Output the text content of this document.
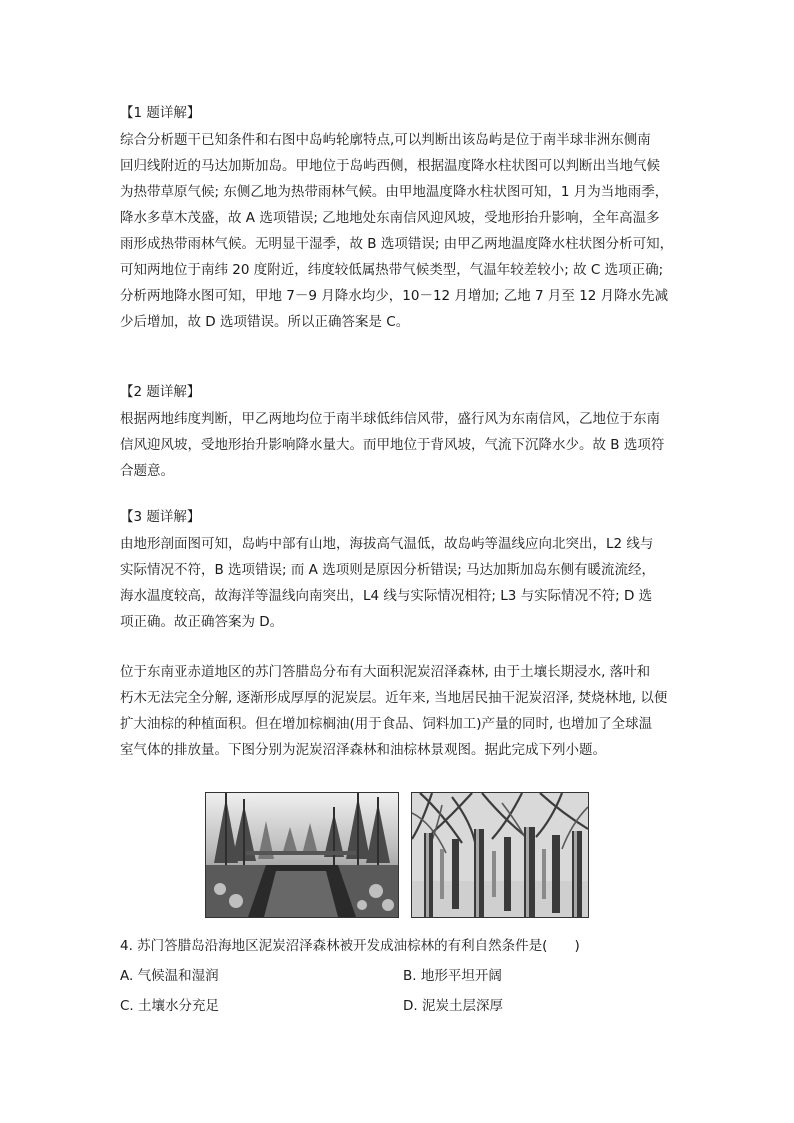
【1 题详解】
综合分析题干已知条件和右图中岛屿轮廓特点,可以判断出该岛屿是位于南半球非洲东侧南
回归线附近的马达加斯加岛。甲地位于岛屿西侧，根据温度降水柱状图可以判断出当地气候
为热带草原气候; 东侧乙地为热带雨林气候。由甲地温度降水柱状图可知，1 月为当地雨季，
降水多草木茂盛，故 A 选项错误; 乙地地处东南信风迎风坡，受地形抬升影响，全年高温多
雨形成热带雨林气候。无明显干湿季，故 B 选项错误; 由甲乙两地温度降水柱状图分析可知，
可知两地位于南纬 20 度附近，纬度较低属热带气候类型，气温年较差较小; 故 C 选项正确;
分析两地降水图可知，甲地 7－9 月降水均少，10－12 月增加; 乙地 7 月至 12 月降水先减
少后增加，故 D 选项错误。所以正确答案是 C。
【2 题详解】
根据两地纬度判断，甲乙两地均位于南半球低纬信风带，盛行风为东南信风，乙地位于东南
信风迎风坡，受地形抬升影响降水量大。而甲地位于背风坡，气流下沉降水少。故 B 选项符
合题意。
【3 题详解】
由地形剖面图可知，岛屿中部有山地，海拔高气温低，故岛屿等温线应向北突出，L2 线与
实际情况不符，B 选项错误; 而 A 选项则是原因分析错误; 马达加斯加岛东侧有暖流流经，
海水温度较高，故海洋等温线向南突出，L4 线与实际情况相符; L3 与实际情况不符; D 选
项正确。故正确答案为 D。
位于东南亚赤道地区的苏门答腊岛分布有大面积泥炭沼泽森林, 由于土壤长期浸水, 落叶和
朽木无法完全分解, 逐渐形成厚厚的泥炭层。近年来, 当地居民抽干泥炭沼泽, 焚烧林地, 以便
扩大油棕的种植面积。但在增加棕榈油(用于食品、饲料加工)产量的同时, 也增加了全球温
室气体的排放量。下图分别为泥炭沼泽森林和油棕林景观图。据此完成下列小题。
4. 苏门答腊岛沿海地区泥炭沼泽森林被开发成油棕林的有利自然条件是(　　)
A. 气候温和湿润	B. 地形平坦开阔
C. 土壤水分充足	D. 泥炭土层深厚
